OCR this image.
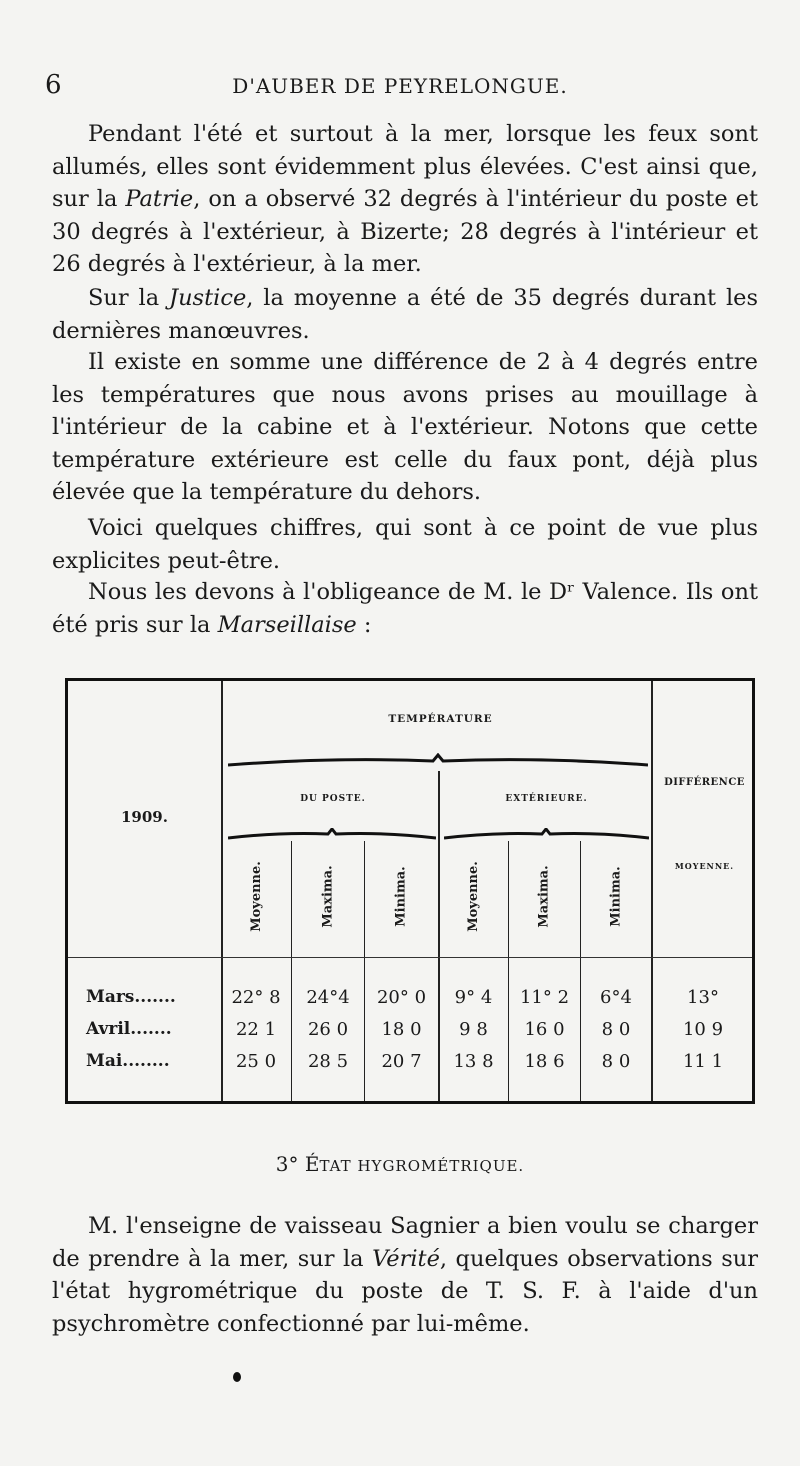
6	D'AUBER DE PEYRELONGUE.

Pendant l'été et surtout à la mer, lorsque les feux sont allumés, elles sont évidemment plus élevées. C'est ainsi que, sur la Patrie, on a observé 32 degrés à l'intérieur du poste et 30 degrés à l'extérieur, à Bizerte; 28 degrés à l'intérieur et 26 degrés à l'extérieur, à la mer.

Sur la Justice, la moyenne a été de 35 degrés durant les dernières manœuvres.

Il existe en somme une différence de 2 à 4 degrés entre les températures que nous avons prises au mouillage à l'intérieur de la cabine et à l'extérieur. Notons que cette température extérieure est celle du faux pont, déjà plus élevée que la température du dehors.

Voici quelques chiffres, qui sont à ce point de vue plus explicites peut-être.

Nous les devons à l'obligeance de M. le Dʳ Valence. Ils ont été pris sur la Marseillaise :

1909.
TEMPÉRATURE
DU POSTE.	EXTÉRIEURE.
DIFFÉRENCE
MOYENNE.
Moyenne.	Maxima.	Minima.	Moyenne.	Maxima.	Minima.
Mars.......	22° 8	24°4	20° 0	9° 4	11° 2	6°4	13°
Avril.......	22 1	26 0	18 0	9 8	16 0	8 0	10 9
Mai........	25 0	28 5	20 7	13 8	18 6	8 0	11 1
3° ÉTAT HYGROMÉTRIQUE.

M. l'enseigne de vaisseau Sagnier a bien voulu se charger de prendre à la mer, sur la Vérité, quelques observations sur l'état hygrométrique du poste de T. S. F. à l'aide d'un psychromètre confectionné par lui-même.
